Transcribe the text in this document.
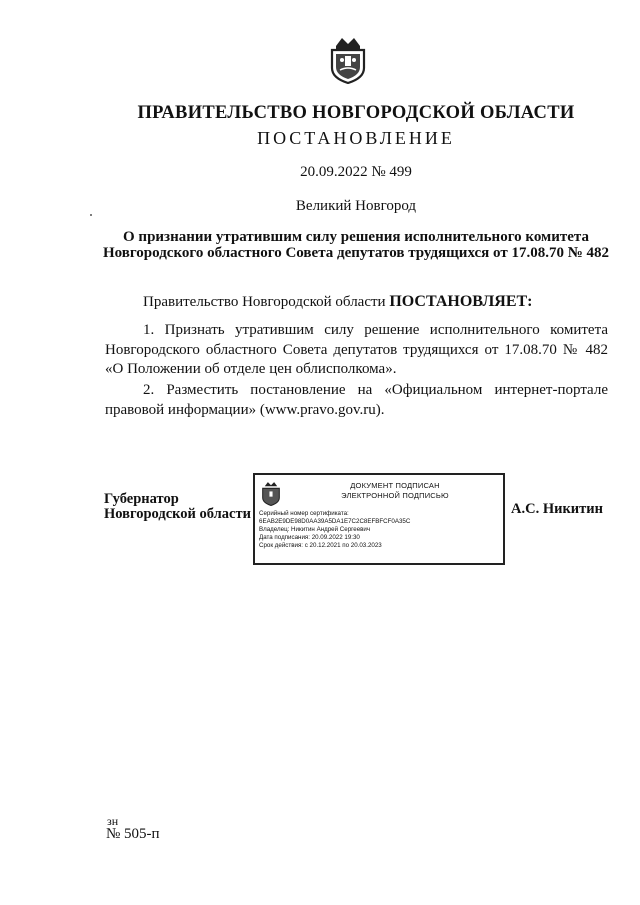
ПРАВИТЕЛЬСТВО НОВГОРОДСКОЙ ОБЛАСТИ
ПОСТАНОВЛЕНИЕ
20.09.2022 № 499
Великий Новгород
О признании утратившим силу решения исполнительного комитета
Новгородского областного Совета депутатов трудящихся от 17.08.70 № 482
Правительство Новгородской области ПОСТАНОВЛЯЕТ:
1. Признать утратившим силу решение исполнительного комитета Новгородского областного Совета депутатов трудящихся от 17.08.70 № 482 «О Положении об отделе цен облисполкома».
2. Разместить постановление на «Официальном интернет-портале правовой информации» (www.pravo.gov.ru).
Губернатор
Новгородской области
ДОКУМЕНТ ПОДПИСАН
ЭЛЕКТРОННОЙ ПОДПИСЬЮ
Серийный номер сертификата:
6EAB2E9DE98D0AA39A5DA1E7C2C8EFBFCF0A35C
Владелец: Никитин Андрей Сергеевич
Дата подписания: 20.09.2022 19:30
Срок действия: с 20.12.2021 по 20.03.2023
А.С. Никитин
зн
№ 505-п
